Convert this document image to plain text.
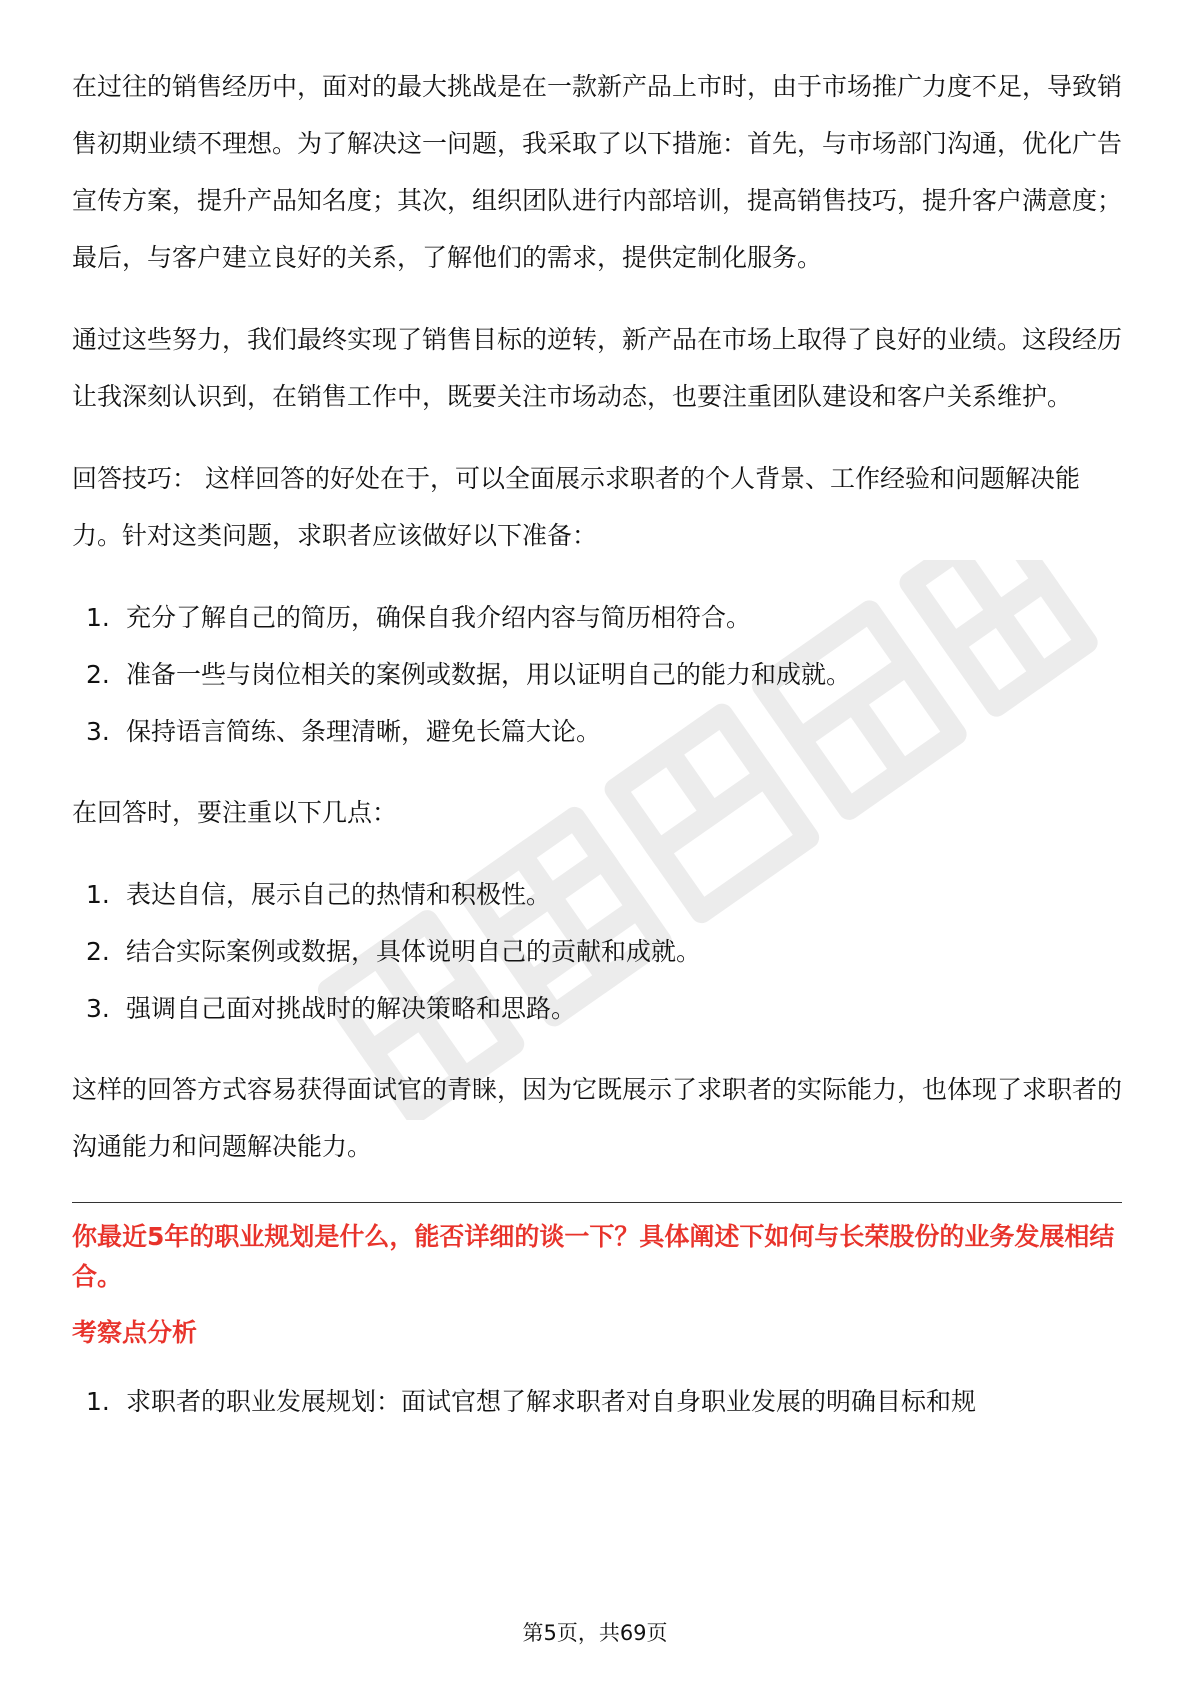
在过往的销售经历中，面对的最大挑战是在一款新产品上市时，由于市场推广力度不足，导致销售初期业绩不理想。为了解决这一问题，我采取了以下措施：首先，与市场部门沟通，优化广告宣传方案，提升产品知名度；其次，组织团队进行内部培训，提高销售技巧，提升客户满意度；最后，与客户建立良好的关系，了解他们的需求，提供定制化服务。

通过这些努力，我们最终实现了销售目标的逆转，新产品在市场上取得了良好的业绩。这段经历让我深刻认识到，在销售工作中，既要关注市场动态，也要注重团队建设和客户关系维护。

回答技巧： 这样回答的好处在于，可以全面展示求职者的个人背景、工作经验和问题解决能力。针对这类问题，求职者应该做好以下准备：

1. 充分了解自己的简历，确保自我介绍内容与简历相符合。
2. 准备一些与岗位相关的案例或数据，用以证明自己的能力和成就。
3. 保持语言简练、条理清晰，避免长篇大论。

在回答时，要注重以下几点：

1. 表达自信，展示自己的热情和积极性。
2. 结合实际案例或数据，具体说明自己的贡献和成就。
3. 强调自己面对挑战时的解决策略和思路。

这样的回答方式容易获得面试官的青睐，因为它既展示了求职者的实际能力，也体现了求职者的沟通能力和问题解决能力。

你最近5年的职业规划是什么，能否详细的谈一下？具体阐述下如何与长荣股份的业务发展相结合。
考察点分析
1. 求职者的职业发展规划：面试官想了解求职者对自身职业发展的明确目标和规
第5页，共69页
